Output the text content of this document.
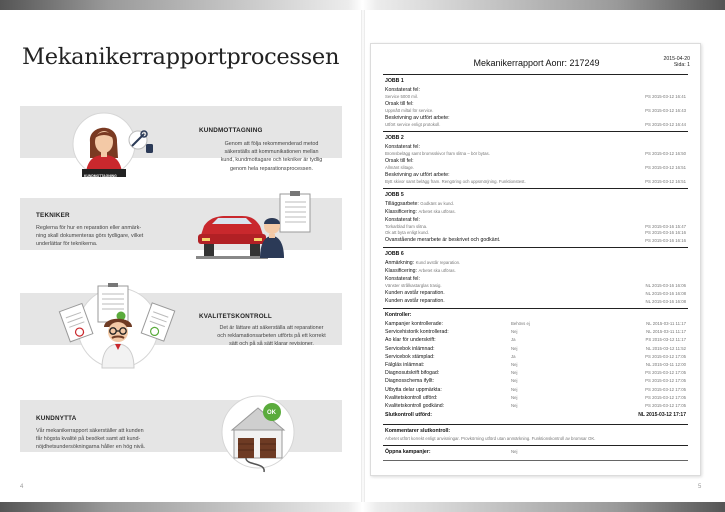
Mekanikerrapportprocessen
KUNDMOTTAGNING
KUNDMOTTAGNING
Genom att följa rekommenderad metod
säkerställs att kommunikationen mellan
kund, kundmottagare och tekniker är tydlig
genom hela reparationsprocessen.
TEKNIKER
Reglerna för hur en reparation eller anmärk-
ning skall dokumenteras görs tydligare, vilket
underlättar för teknikerna.
KVALITETSKONTROLL
Det är lättare att säkerställa att reparationer
och reklamationsarbeten utförts på ett korrekt
sätt och på så sätt klarar revisioner.
KUNDNYTTA
Vår mekanikerrapport säkerställer att kunden
får högsta kvalité på besöket samt att kund-
nöjdhetsundersökningarna håller en hög nivå.
OK
4
Mekanikerrapport Aonr: 217249	2015-04-20
Sida: 1
JOBB 1
Konstaterat fel:
Service 5000 mil.	PS 2015-03-12 16:41
Orsak till fel:
Uppnått miltal för service.	PS 2015-03-12 16:43
Beskrivning av utfört arbete:
Utfört service enligt protokoll.	PS 2015-03-12 16:44
JOBB 2
Konstaterat fel:
Bromsbelägg samt bromsskivor fram slitna – bör bytas.	PS 2015-03-12 16:50
Orsak till fel:
Allmänt slitage.	PS 2015-03-12 16:51
Beskrivning av utfört arbete:
Bytt skivor samt belägg fram. Rengöring och uppsmörjning. Funktionstest.	PS 2015-03-12 16:51
JOBB 5
Tilläggsarbete: Godkänt av kund.
Klassificering: Arbetet ska utföras.
Konstaterat fel:
Torkarblad fram slitna.	PS 2015-03-16 15:47
Ok att byta enligt kund.	PS 2015-03-16 16:16
Ovanstående merarbete är beskrivet och godkänt.	PS 2015-03-16 16:16
JOBB 6
Anmärkning: Kund avstår reparation.
Klassificering: Arbetet ska utföras.
Konstaterat fel:
Vänster strålkastarglas trasig.	NL 2015-03-16 16:06
Kunden avstår reparation.	NL 2015-03-16 16:08
Kunden avstår reparation.	NL 2015-03-16 16:08
Kontroller:
Kampanjer kontrollerade:	Behövs ej	NL 2015-03-11 11:17
Servicehistorik kontrollerad:	Nej	NL 2015-03-11 11:17
Ao klar för underskrift:	Ja	PS 2015-03-12 11:17
Servicebok inlämnad:	Nej	NL 2015-03-12 11:52
Servicebok stämplad:	Ja	PS 2015-03-12 17:05
Fälgläs inlämnat:	Nej	NL 2015-03-11 12:00
Diagnosutskrift bifogad:	Nej	PS 2015-03-12 17:05
Diagnosschema ifyllt:	Nej	PS 2015-03-12 17:05
Utbytta delar uppmärkta:	Nej	PS 2015-03-12 17:05
Kvalitetskontroll utförd:	Nej	PS 2015-03-12 17:05
Kvalitetskontroll godkänd:	Nej	PS 2015-03-12 17:05
Slutkontroll utförd:	NL 2015-03-12 17:17
Kommentarer slutkontroll:
Arbetet utfört korrekt enligt anvisningar. Provkörning utförd utan anmärkning. Funktionskontroll av bromsar OK.
Öppna kampanjer:	Nej
5
